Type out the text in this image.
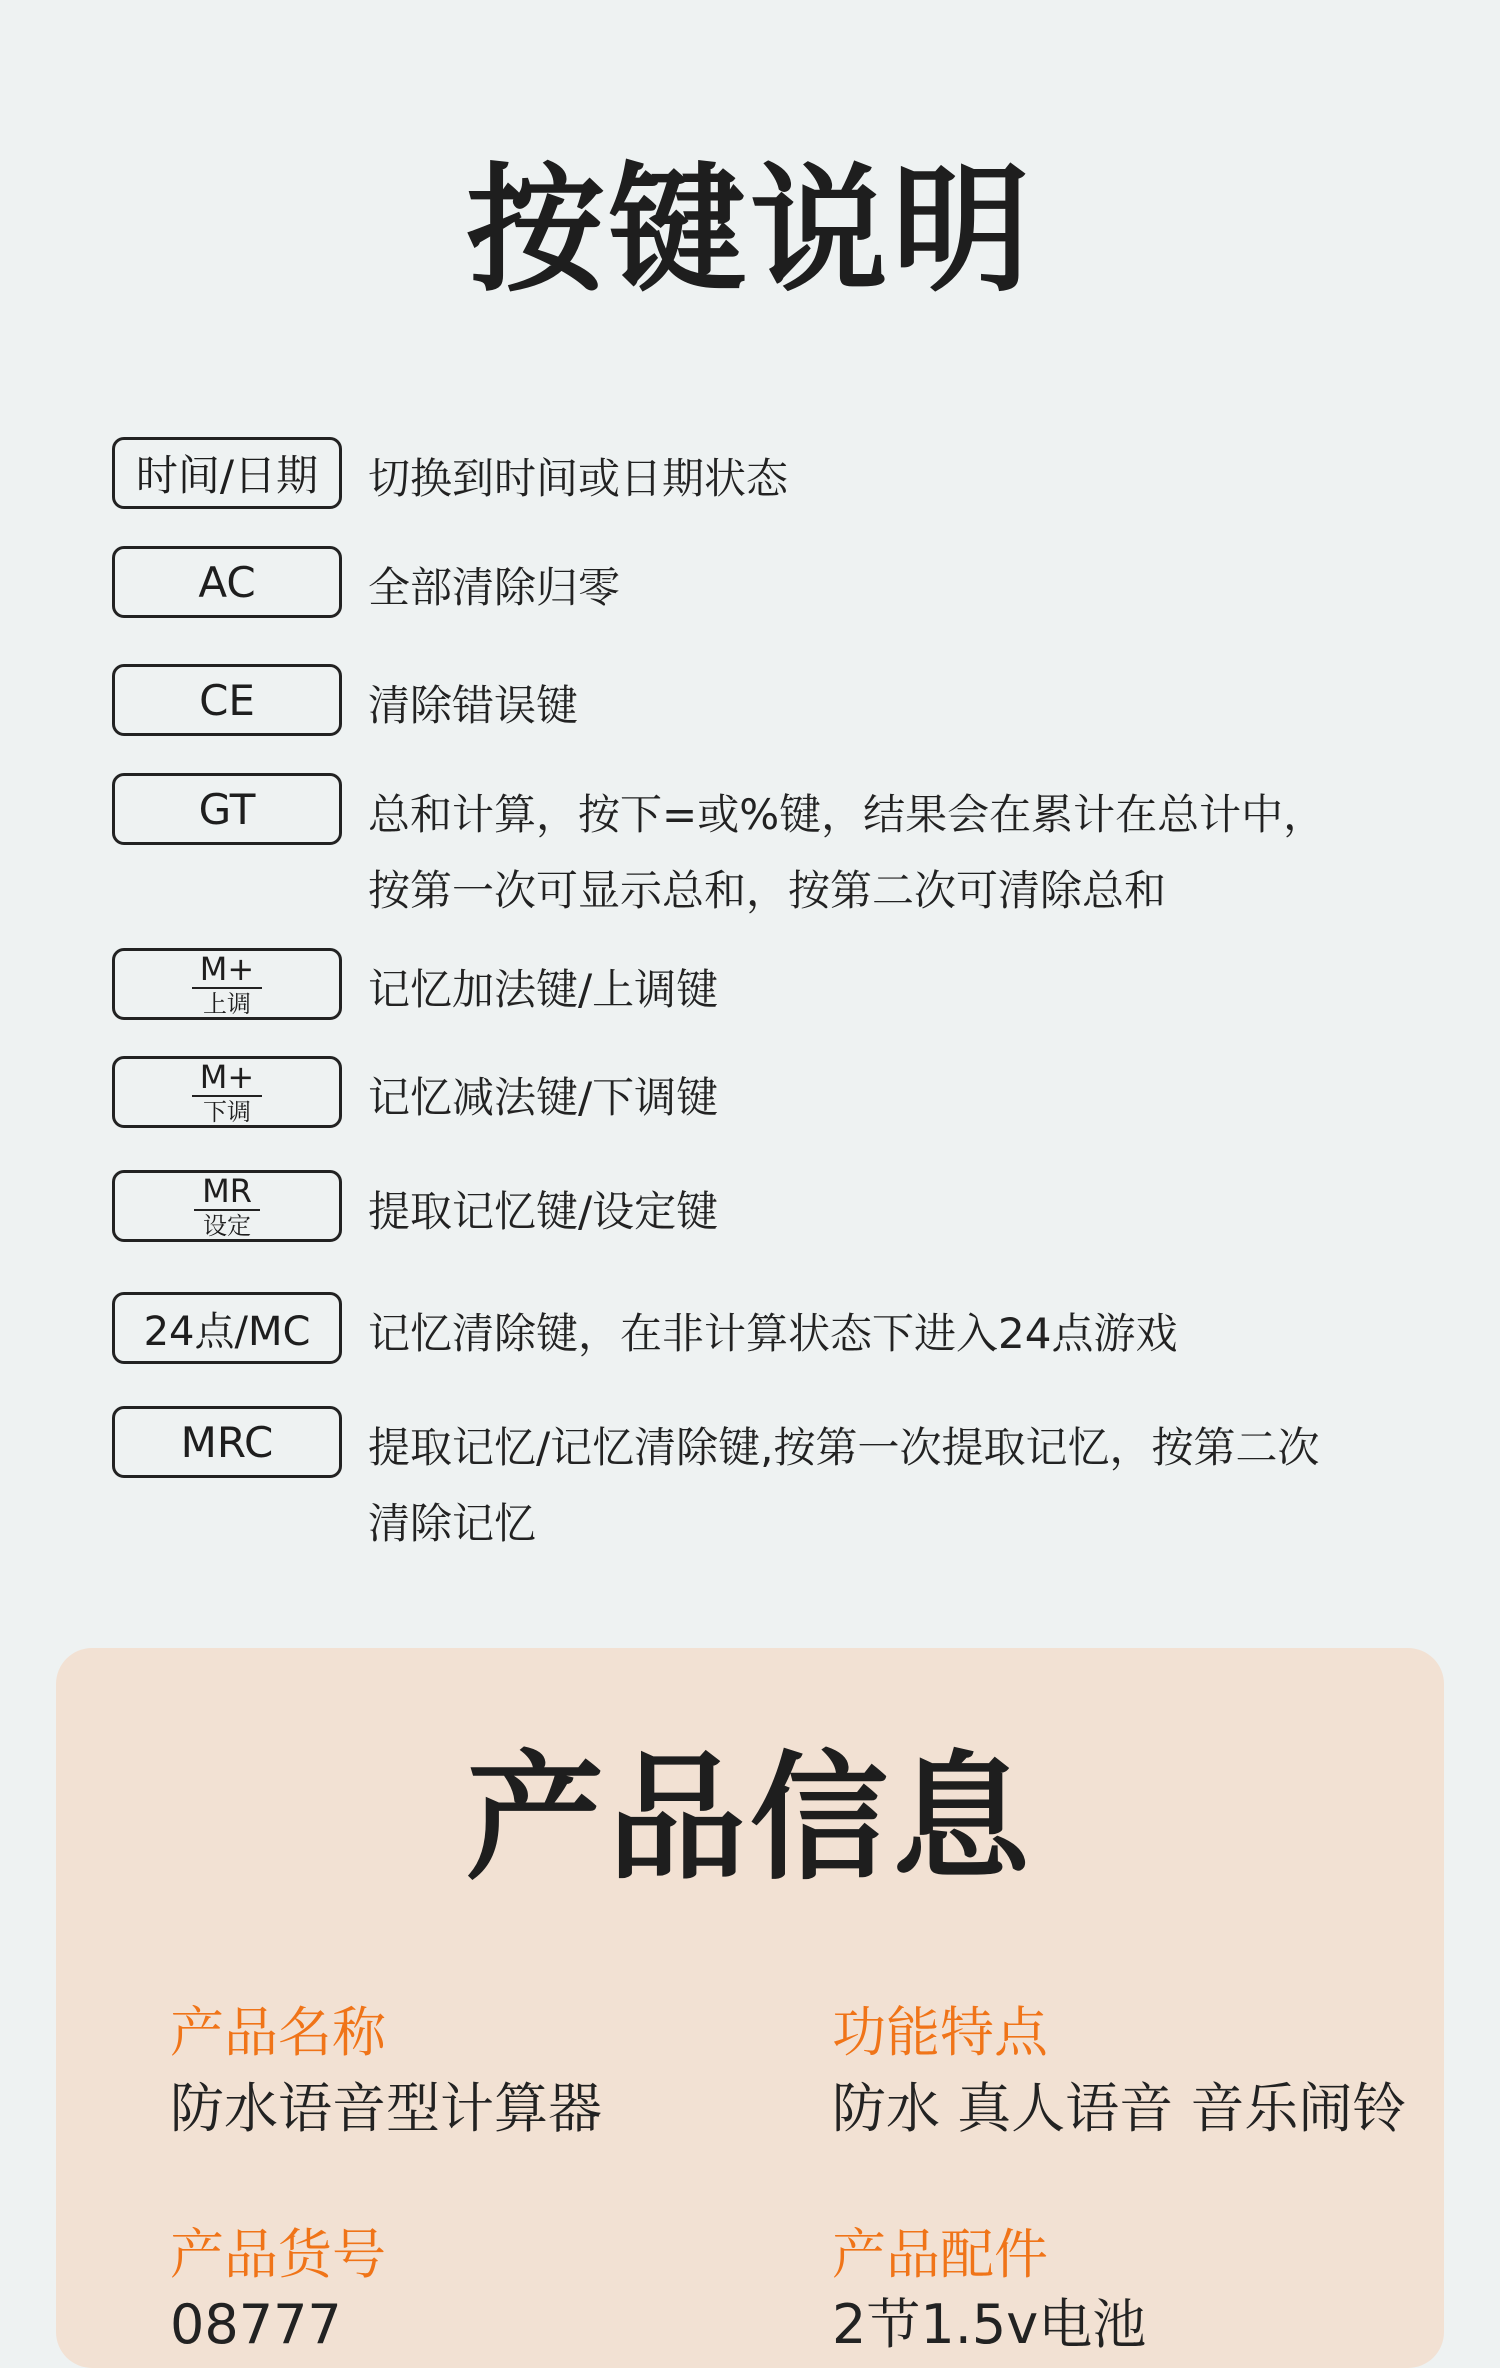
按键说明
时间/日期	切换到时间或日期状态
AC	全部清除归零
CE	清除错误键
GT	总和计算，按下=或%键，结果会在累计在总计中，
按第一次可显示总和，按第二次可清除总和
$\frac{M+}{\text{上调}}$	记忆加法键/上调键
$\frac{M+}{\text{下调}}$	记忆减法键/下调键
$\frac{MR}{\text{设定}}$	提取记忆键/设定键
24点/MC	记忆清除键，在非计算状态下进入24点游戏
MRC	提取记忆/记忆清除键,按第一次提取记忆，按第二次
清除记忆
产品信息
产品名称
防水语音型计算器
功能特点
防水 真人语音 音乐闹铃
产品货号
08777
产品配件
2节1.5v电池
